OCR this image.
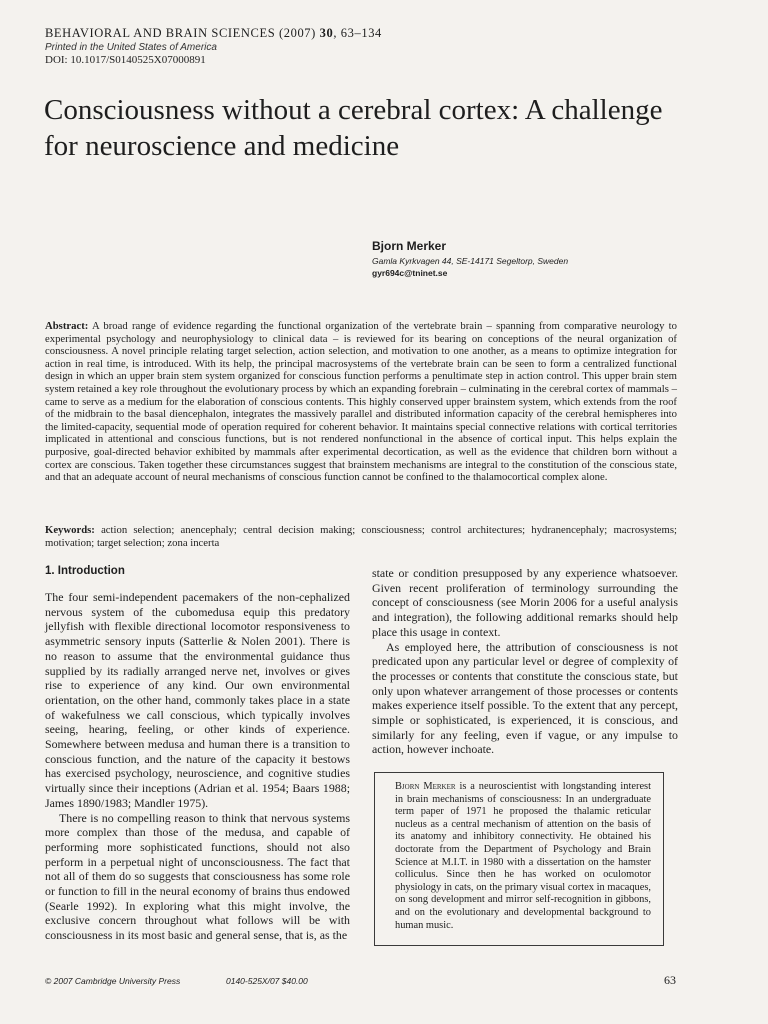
BEHAVIORAL AND BRAIN SCIENCES (2007) 30, 63–134
Printed in the United States of America
DOI: 10.1017/S0140525X07000891
Consciousness without a cerebral cortex: A challenge for neuroscience and medicine
Bjorn Merker
Gamla Kyrkvagen 44, SE-14171 Segeltorp, Sweden
gyr694c@tninet.se

Abstract: A broad range of evidence regarding the functional organization of the vertebrate brain – spanning from comparative neurology to experimental psychology and neurophysiology to clinical data – is reviewed for its bearing on conceptions of the neural organization of consciousness. A novel principle relating target selection, action selection, and motivation to one another, as a means to optimize integration for action in real time, is introduced. With its help, the principal macrosystems of the vertebrate brain can be seen to form a centralized functional design in which an upper brain stem system organized for conscious function performs a penultimate step in action control. This upper brain stem system retained a key role throughout the evolutionary process by which an expanding forebrain – culminating in the cerebral cortex of mammals – came to serve as a medium for the elaboration of conscious contents. This highly conserved upper brainstem system, which extends from the roof of the midbrain to the basal diencephalon, integrates the massively parallel and distributed information capacity of the cerebral hemispheres into the limited-capacity, sequential mode of operation required for coherent behavior. It maintains special connective relations with cortical territories implicated in attentional and conscious functions, but is not rendered nonfunctional in the absence of cortical input. This helps explain the purposive, goal-directed behavior exhibited by mammals after experimental decortication, as well as the evidence that children born without a cortex are conscious. Taken together these circumstances suggest that brainstem mechanisms are integral to the constitution of the conscious state, and that an adequate account of neural mechanisms of conscious function cannot be confined to the thalamocortical complex alone.

Keywords: action selection; anencephaly; central decision making; consciousness; control architectures; hydranencephaly; macrosystems; motivation; target selection; zona incerta

1. Introduction

The four semi-independent pacemakers of the non-cephalized nervous system of the cubomedusa equip this predatory jellyfish with flexible directional locomotor responsiveness to asymmetric sensory inputs (Satterlie & Nolen 2001). There is no reason to assume that the environmental guidance thus supplied by its radially arranged nerve net, involves or gives rise to experience of any kind. Our own environmental orientation, on the other hand, commonly takes place in a state of wakefulness we call conscious, which typically involves seeing, hearing, feeling, or other kinds of experience. Somewhere between medusa and human there is a transition to conscious function, and the nature of the capacity it bestows has exercised psychology, neuroscience, and cognitive studies virtually since their inceptions (Adrian et al. 1954; Baars 1988; James 1890/1983; Mandler 1975).
There is no compelling reason to think that nervous systems more complex than those of the medusa, and capable of performing more sophisticated functions, should not also perform in a perpetual night of unconsciousness. The fact that not all of them do so suggests that consciousness has some role or function to fill in the neural economy of brains thus endowed (Searle 1992). In exploring what this might involve, the exclusive concern throughout what follows will be with consciousness in its most basic and general sense, that is, as the

state or condition presupposed by any experience whatsoever. Given recent proliferation of terminology surrounding the concept of consciousness (see Morin 2006 for a useful analysis and integration), the following additional remarks should help place this usage in context.

As employed here, the attribution of consciousness is not predicated upon any particular level or degree of complexity of the processes or contents that constitute the conscious state, but only upon whatever arrangement of those processes or contents makes experience itself possible. To the extent that any percept, simple or sophisticated, is experienced, it is conscious, and similarly for any feeling, even if vague, or any impulse to action, however inchoate.

Bjorn Merker is a neuroscientist with longstanding interest in brain mechanisms of consciousness: In an undergraduate term paper of 1971 he proposed the thalamic reticular nucleus as a central mechanism of attention on the basis of its anatomy and inhibitory connectivity. He obtained his doctorate from the Department of Psychology and Brain Science at M.I.T. in 1980 with a dissertation on the hamster colliculus. Since then he has worked on oculomotor physiology in cats, on the primary visual cortex in macaques, on song development and mirror self-recognition in gibbons, and on the evolutionary and developmental background to human music.
© 2007 Cambridge University Press	0140-525X/07 $40.00	63
